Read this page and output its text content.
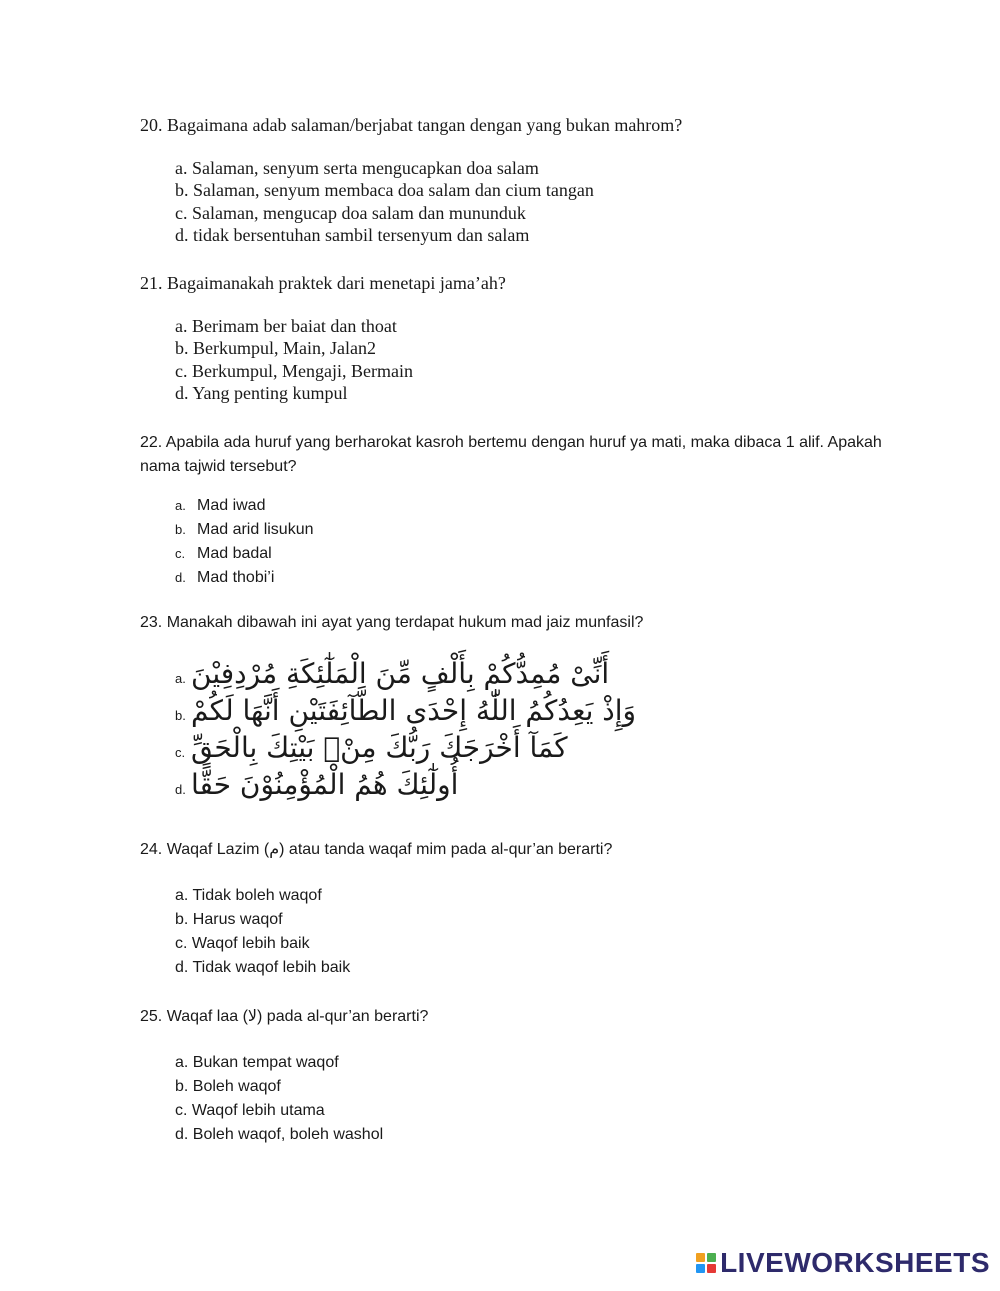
20. Bagaimana adab salaman/berjabat tangan dengan yang bukan mahrom?

a. Salaman, senyum serta mengucapkan doa salam
b. Salaman, senyum membaca doa salam dan cium tangan
c. Salaman, mengucap doa salam dan mununduk
d. tidak bersentuhan sambil tersenyum dan salam

21. Bagaimanakah praktek dari menetapi jama’ah?

a. Berimam ber baiat dan thoat
b. Berkumpul, Main, Jalan2
c. Berkumpul, Mengaji, Bermain
d. Yang penting kumpul

22. Apabila ada huruf yang berharokat kasroh bertemu dengan huruf ya mati, maka dibaca 1 alif. Apakah nama tajwid tersebut?

a. Mad iwad
b. Mad arid lisukun
c. Mad badal
d. Mad thobi’i

23. Manakah dibawah ini ayat yang terdapat hukum mad jaiz munfasil?

a. أَنِّىْ مُمِدُّكُمْ بِأَلْفٍ مِّنَ الْمَلٰٓئِكَةِ مُرْدِفِيْنَ
b. وَإِذْ يَعِدُكُمُ اللّٰهُ إِحْدَى الطَّآئِفَتَيْنِ أَنَّهَا لَكُمْ
c. كَمَآ أَخْرَجَكَ رَبُّكَ مِنْۢ بَيْتِكَ بِالْحَقِّ
d. أُولٰٓئِكَ هُمُ الْمُؤْمِنُوْنَ حَقًّا

24. Waqaf Lazim (م) atau tanda waqaf mim pada al-qur’an berarti?

a. Tidak boleh waqof
b. Harus waqof
c. Waqof lebih baik
d. Tidak waqof lebih baik

25. Waqaf laa (لا) pada al-qur’an berarti?

a. Bukan tempat waqof
b. Boleh waqof
c. Waqof lebih utama
d. Boleh waqof, boleh washol
LIVEWORKSHEETS
